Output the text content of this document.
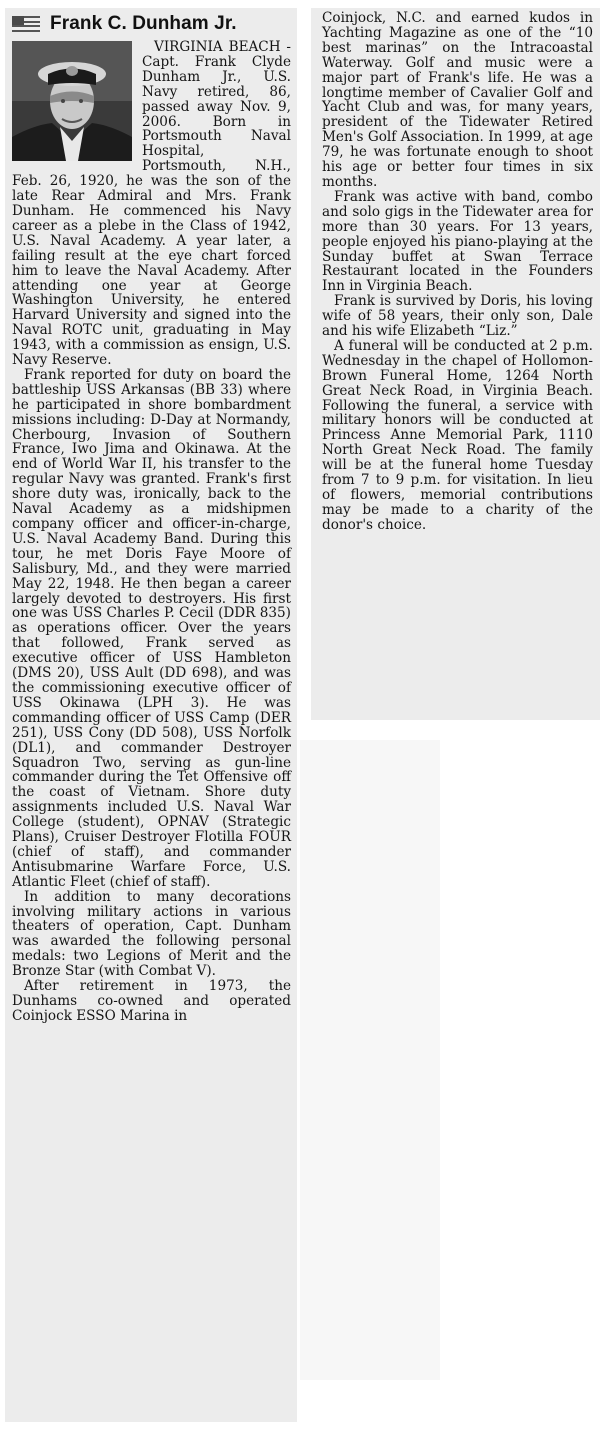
Frank C. Dunham Jr.

VIRGINIA BEACH - Capt. Frank Clyde Dunham Jr., U.S. Navy retired, 86, passed away Nov. 9, 2006. Born in Portsmouth Naval Hospital, Portsmouth, N.H., Feb. 26, 1920, he was the son of the late Rear Admiral and Mrs. Frank Dunham. He commenced his Navy career as a plebe in the Class of 1942, U.S. Naval Academy. A year later, a failing result at the eye chart forced him to leave the Naval Academy. After attending one year at George Washington University, he entered Harvard University and signed into the Naval ROTC unit, graduating in May 1943, with a commission as ensign, U.S. Navy Reserve.

Frank reported for duty on board the battleship USS Arkansas (BB 33) where he participated in shore bombardment missions including: D-Day at Normandy, Cherbourg, Invasion of Southern France, Iwo Jima and Okinawa. At the end of World War II, his transfer to the regular Navy was granted. Frank's first shore duty was, ironically, back to the Naval Academy as a midshipmen company officer and officer-in-charge, U.S. Naval Academy Band. During this tour, he met Doris Faye Moore of Salisbury, Md., and they were married May 22, 1948. He then began a career largely devoted to destroyers. His first one was USS Charles P. Cecil (DDR 835) as operations officer. Over the years that followed, Frank served as executive officer of USS Hambleton (DMS 20), USS Ault (DD 698), and was the commissioning executive officer of USS Okinawa (LPH 3). He was commanding officer of USS Camp (DER 251), USS Cony (DD 508), USS Norfolk (DL1), and commander Destroyer Squadron Two, serving as gun-line commander during the Tet Offensive off the coast of Vietnam. Shore duty assignments included U.S. Naval War College (student), OPNAV (Strategic Plans), Cruiser Destroyer Flotilla FOUR (chief of staff), and commander Antisubmarine Warfare Force, U.S. Atlantic Fleet (chief of staff).

In addition to many decorations involving military actions in various theaters of operation, Capt. Dunham was awarded the following personal medals: two Legions of Merit and the Bronze Star (with Combat V).

After retirement in 1973, the Dunhams co-owned and operated Coinjock ESSO Marina in

Coinjock, N.C. and earned kudos in Yachting Magazine as one of the “10 best marinas” on the Intracoastal Waterway. Golf and music were a major part of Frank's life. He was a longtime member of Cavalier Golf and Yacht Club and was, for many years, president of the Tidewater Retired Men's Golf Association. In 1999, at age 79, he was fortunate enough to shoot his age or better four times in six months.

Frank was active with band, combo and solo gigs in the Tidewater area for more than 30 years. For 13 years, people enjoyed his piano-playing at the Sunday buffet at Swan Terrace Restaurant located in the Founders Inn in Virginia Beach.

Frank is survived by Doris, his loving wife of 58 years, their only son, Dale and his wife Elizabeth “Liz.”

A funeral will be conducted at 2 p.m. Wednesday in the chapel of Hollomon-Brown Funeral Home, 1264 North Great Neck Road, in Virginia Beach. Following the funeral, a service with military honors will be conducted at Princess Anne Memorial Park, 1110 North Great Neck Road. The family will be at the funeral home Tuesday from 7 to 9 p.m. for visitation. In lieu of flowers, memorial contributions may be made to a charity of the donor's choice.
